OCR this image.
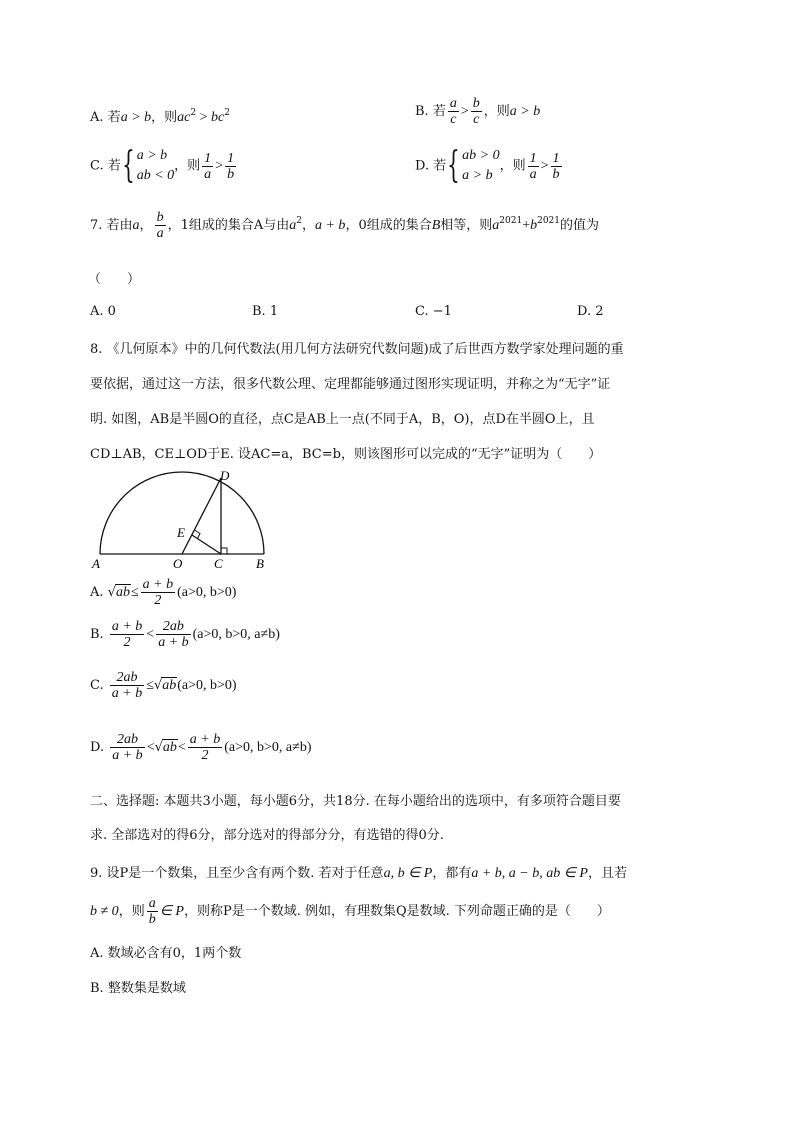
A. 若a > b，则$ac^2 > bc^2$	B. 若 $\frac{a}{c} > \frac{b}{c}$ ，则a > b
C. 若{ a > b
ab < 0
，则 $\frac{1}{a} > \frac{1}{b}$	D. 若{ ab > 0
a > b
，则 $\frac{1}{a} > \frac{1}{b}$
7. 若由a， $\frac{b}{a}$ ，1组成的集合A与由$a^2$，a + b，0组成的集合B相等，则$a^{2021}+b^{2021}$的值为
（　　）
A. 0	B. 1	C. −1	D. 2
8. 《几何原本》中的几何代数法(用几何方法研究代数问题)成了后世西方数学家处理问题的重
要依据，通过这一方法，很多代数公理、定理都能够通过图形实现证明，并称之为“无字”证
明. 如图，AB是半圆O的直径，点C是AB上一点(不同于A，B，O)，点D在半圆O上，且
CD⊥AB，CE⊥OD于E. 设AC=a，BC=b，则该图形可以完成的“无字”证明为（　　）
A	O C	B
D
E
A. $√ab\le \frac{a + b}{2} (a>0$, b>0)
B. $\frac{a + b}{2} < \frac{2ab}{a + b} (a>0$, b>0, a≠b)
C. $\frac{2ab}{a + b} \le√ab(a>0$, b>0)
D. $\frac{2ab}{a + b} <√ab< \frac{a + b}{2} (a>0$, b>0, a≠b)
二、选择题: 本题共3小题，每小题6分，共18分. 在每小题给出的选项中，有多项符合题目要
求. 全部选对的得6分，部分选对的得部分分，有选错的得0分.
9. 设P是一个数集，且至少含有两个数. 若对于任意a, b ∈ P，都有a + b, a − b, ab ∈ P，且若
b ≠ 0，则 $\frac{a}{b}$ ∈ P，则称P是一个数域. 例如，有理数集Q是数域. 下列命题正确的是（　　）
A. 数域必含有0，1两个数
B. 整数集是数域
